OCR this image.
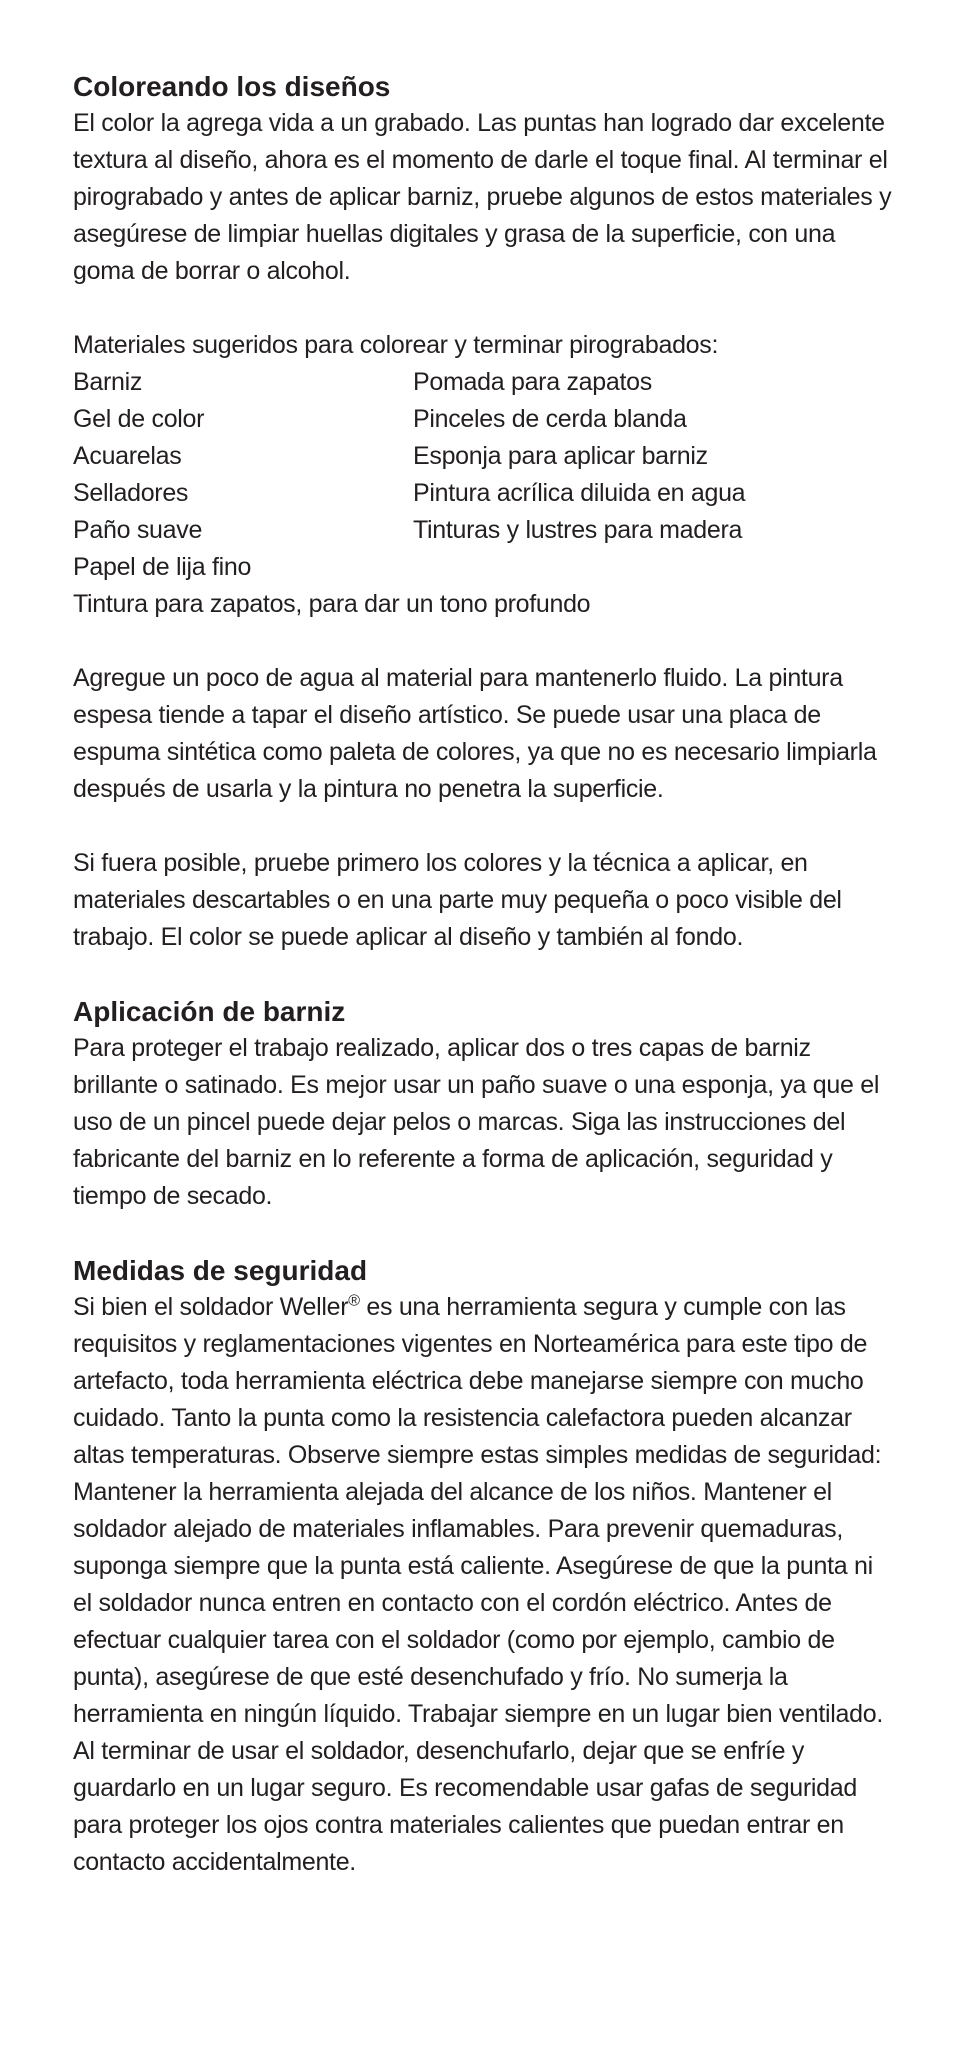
Coloreando los diseños

El color la agrega vida a un grabado. Las puntas han logrado dar excelente textura al diseño, ahora es el momento de darle el toque final. Al terminar el pirograbado y antes de aplicar barniz, pruebe algunos de estos materiales y asegúrese de limpiar huellas digitales y grasa de la superficie, con una goma de borrar o alcohol.

Materiales sugeridos para colorear y terminar pirograbados:

Barniz	Pomada para zapatos
Gel de color	Pinceles de cerda blanda
Acuarelas	Esponja para aplicar barniz
Selladores	Pintura acrílica diluida en agua
Paño suave	Tinturas y lustres para madera
Papel de lija fino
Tintura para zapatos, para dar un tono profundo

Agregue un poco de agua al material para mantenerlo fluido. La pintura espesa tiende a tapar el diseño artístico. Se puede usar una placa de espuma sintética como paleta de colores, ya que no es necesario limpiarla después de usarla y la pintura no penetra la superficie.

Si fuera posible, pruebe primero los colores y la técnica a aplicar, en materiales descartables o en una parte muy pequeña o poco visible del trabajo. El color se puede aplicar al diseño y también al fondo.

Aplicación de barniz

Para proteger el trabajo realizado, aplicar dos o tres capas de barniz brillante o satinado. Es mejor usar un paño suave o una esponja, ya que el uso de un pincel puede dejar pelos o marcas. Siga las instrucciones del fabricante del barniz en lo referente a forma de aplicación, seguridad y tiempo de secado.

Medidas de seguridad

Si bien el soldador Weller® es una herramienta segura y cumple con las requisitos y reglamentaciones vigentes en Norteamérica para este tipo de artefacto, toda herramienta eléctrica debe manejarse siempre con mucho cuidado. Tanto la punta como la resistencia calefactora pueden alcanzar altas temperaturas. Observe siempre estas simples medidas de seguridad: Mantener la herramienta alejada del alcance de los niños. Mantener el soldador alejado de materiales inflamables. Para prevenir quemaduras, suponga siempre que la punta está caliente. Asegúrese de que la punta ni el soldador nunca entren en contacto con el cordón eléctrico. Antes de efectuar cualquier tarea con el soldador (como por ejemplo, cambio de punta), asegúrese de que esté desenchufado y frío. No sumerja la herramienta en ningún líquido. Trabajar siempre en un lugar bien ventilado. Al terminar de usar el soldador, desenchufarlo, dejar que se enfríe y guardarlo en un lugar seguro. Es recomendable usar gafas de seguridad para proteger los ojos contra materiales calientes que puedan entrar en contacto accidentalmente.
